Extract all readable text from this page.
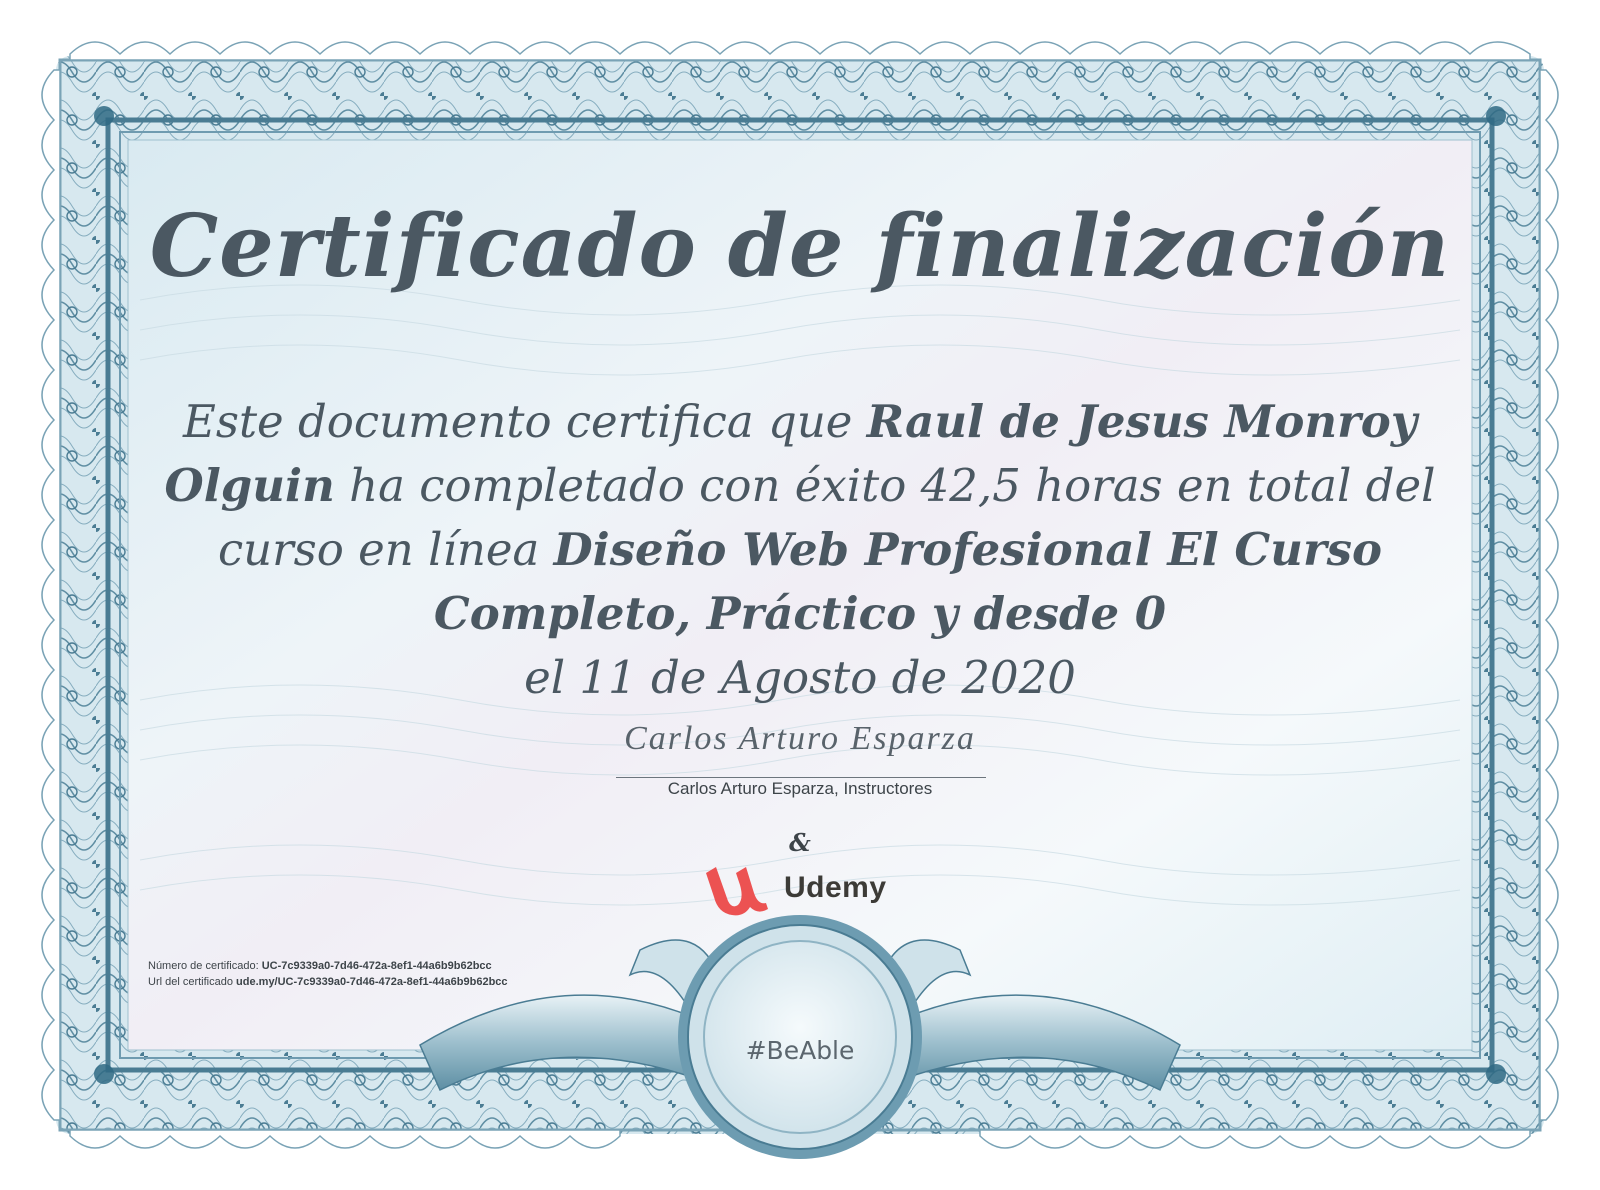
Certificado de finalización
Este documento certifica que Raul de Jesus Monroy Olguin ha completado con éxito 42,5 horas en total del curso en línea Diseño Web Profesional El Curso Completo, Práctico y desde 0
el 11 de Agosto de 2020
Carlos Arturo Esparza
Carlos Arturo Esparza, Instructores
&
Udemy
Número de certificado: UC-7c9339a0-7d46-472a-8ef1-44a6b9b62bcc
Url del certificado ude.my/UC-7c9339a0-7d46-472a-8ef1-44a6b9b62bcc
#BeAble
